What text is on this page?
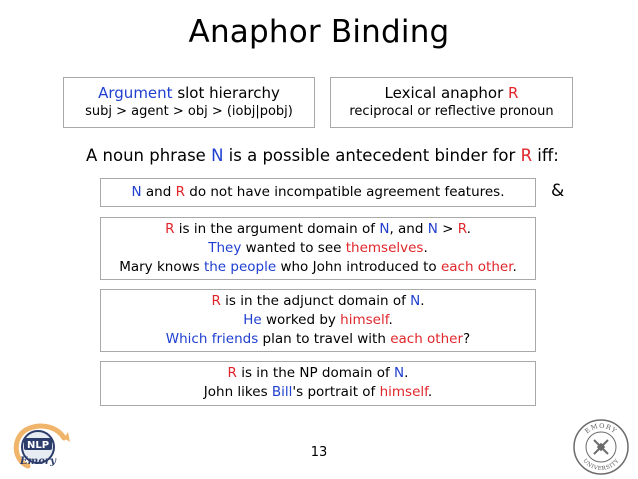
Anaphor Binding
Argument slot hierarchy
subj > agent > obj > (iobj|pobj)
Lexical anaphor R
reciprocal or reflective pronoun
A noun phrase N is a possible antecedent binder for R iff:
N and R do not have incompatible agreement features.	&
R is in the argument domain of N, and N > R.
They wanted to see themselves.
Mary knows the people who John introduced to each other.
R is in the adjunct domain of N.
He worked by himself.
Which friends plan to travel with each other?
R is in the NP domain of N.
John likes Bill's portrait of himself.
13
NLP
Emory
EMORY
UNIVERSITY
